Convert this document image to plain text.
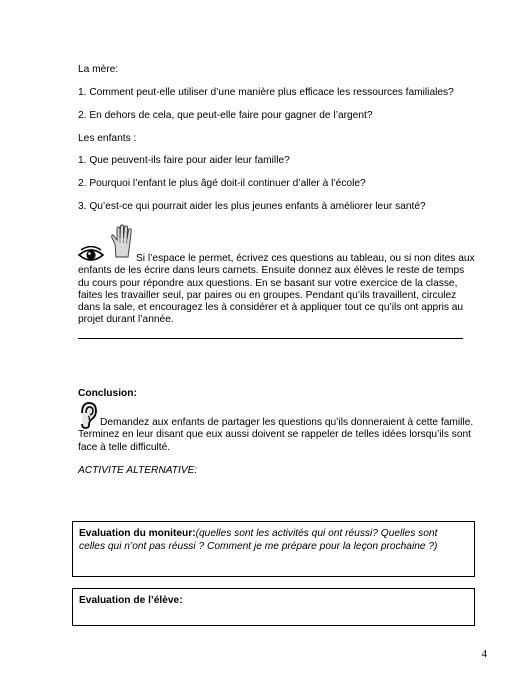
La mère:
1. Comment peut-elle utiliser d’une manière plus efficace les ressources familiales?
2. En dehors de cela, que peut-elle faire pour gagner de l’argent?
Les enfants :
1. Que peuvent-ils faire pour aider leur famille?
2. Pourquoi l’enfant le plus âgé doit-il continuer d’aller à l’école?
3. Qu’est-ce qui pourrait aider les plus jeunes enfants à améliorer leur santé?
Si l’espace le permet, écrivez ces questions au tableau, ou si non dites aux
enfants de les écrire dans leurs carnets. Ensuite donnez aux élèves le reste de temps
du cours pour répondre aux questions. En se basant sur votre exercice de la classe,
faites les travailler seul, par paires ou en groupes. Pendant qu’ils travaillent, circulez
dans la sale, et encouragez les à considérer et à appliquer tout ce qu’ils ont appris au
projet durant l’année.
Conclusion:
Demandez aux enfants de partager les questions qu’ils donneraient à cette famille.
Terminez en leur disant que eux aussi doivent se rappeler de telles idées lorsqu’ils sont
face à telle difficulté.
ACTIVITE ALTERNATIVE:
Evaluation du moniteur:(quelles sont les activités qui ont réussi? Quelles sont
celles qui n’ont pas réussi ? Comment je me prépare pour la leçon prochaine ?)
Evaluation de l’élève:
4
